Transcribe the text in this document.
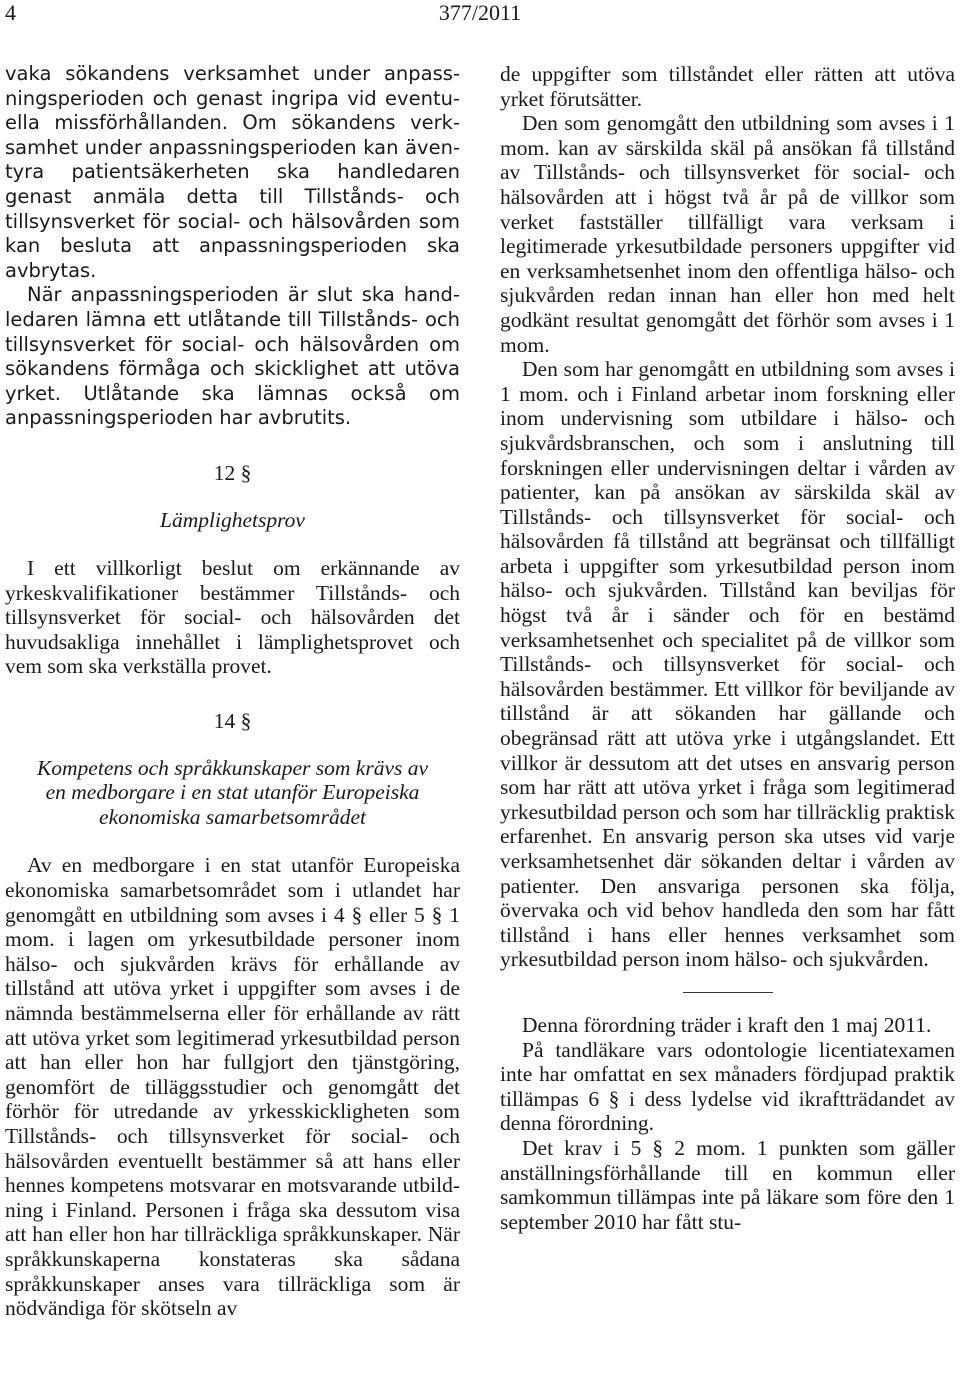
4	377/2011

vaka sökandens verksamhet under anpassningsperioden och genast ingripa vid eventuella missförhållanden. Om sökandens verksamhet under anpassningsperioden kan äventyra patientsäkerheten ska handledaren genast anmäla detta till Tillstånds- och tillsynsverket för social- och hälsovården som kan besluta att anpassningsperioden ska avbrytas.

När anpassningsperioden är slut ska handledaren lämna ett utlåtande till Tillstånds- och tillsynsverket för social- och hälsovården om sökandens förmåga och skicklighet att utöva yrket. Utlåtande ska lämnas också om anpassningsperioden har avbrutits.

12 §

Lämplighetsprov

I ett villkorligt beslut om erkännande av yrkeskvalifikationer bestämmer Tillstånds- och tillsynsverket för social- och hälsovården det huvudsakliga innehållet i lämplighetsprovet och vem som ska verkställa provet.

14 §

Kompetens och språkkunskaper som krävs av
en medborgare i en stat utanför Europeiska
ekonomiska samarbetsområdet

Av en medborgare i en stat utanför Europeiska ekonomiska samarbetsområdet som i utlandet har genomgått en utbildning som avses i 4 § eller 5 § 1 mom. i lagen om yrkesutbildade personer inom hälso- och sjukvården krävs för erhållande av tillstånd att utöva yrket i uppgifter som avses i de nämnda bestämmelserna eller för erhållande av rätt att utöva yrket som legitimerad yrkesutbildad person att han eller hon har fullgjort den tjänstgöring, genomfört de tilläggsstudier och genomgått det förhör för utredande av yrkesskickligheten som Tillstånds- och tillsynsverket för social- och hälsovården eventuellt bestämmer så att hans eller hennes kompetens motsvarar en motsvarande utbildning i Finland. Personen i fråga ska dessutom visa att han eller hon har tillräckliga språkkunskaper. När språkkunskaperna konstateras ska sådana språkkunskaper anses vara tillräckliga som är nödvändiga för skötseln av

de uppgifter som tillståndet eller rätten att utöva yrket förutsätter.

Den som genomgått den utbildning som avses i 1 mom. kan av särskilda skäl på ansökan få tillstånd av Tillstånds- och tillsynsverket för social- och hälsovården att i högst två år på de villkor som verket fastställer tillfälligt vara verksam i legitimerade yrkesutbildade personers uppgifter vid en verksamhetsenhet inom den offentliga hälso- och sjukvården redan innan han eller hon med helt godkänt resultat genomgått det förhör som avses i 1 mom.

Den som har genomgått en utbildning som avses i 1 mom. och i Finland arbetar inom forskning eller inom undervisning som utbildare i hälso- och sjukvårdsbranschen, och som i anslutning till forskningen eller undervisningen deltar i vården av patienter, kan på ansökan av särskilda skäl av Tillstånds- och tillsynsverket för social- och hälsovården få tillstånd att begränsat och tillfälligt arbeta i uppgifter som yrkesutbildad person inom hälso- och sjukvården. Tillstånd kan beviljas för högst två år i sänder och för en bestämd verksamhetsenhet och specialitet på de villkor som Tillstånds- och tillsynsverket för social- och hälsovården bestämmer. Ett villkor för beviljande av tillstånd är att sökanden har gällande och obegränsad rätt att utöva yrke i utgångslandet. Ett villkor är dessutom att det utses en ansvarig person som har rätt att utöva yrket i fråga som legitimerad yrkesutbildad person och som har tillräcklig praktisk erfarenhet. En ansvarig person ska utses vid varje verksamhetsenhet där sökanden deltar i vården av patienter. Den ansvariga personen ska följa, övervaka och vid behov handleda den som har fått tillstånd i hans eller hennes verksamhet som yrkesutbildad person inom hälso- och sjukvården.

Denna förordning träder i kraft den 1 maj 2011.

På tandläkare vars odontologie licentiatexamen inte har omfattat en sex månaders fördjupad praktik tillämpas 6 § i dess lydelse vid ikraftträdandet av denna förordning.

Det krav i 5 § 2 mom. 1 punkten som gäller anställningsförhållande till en kommun eller samkommun tillämpas inte på läkare som före den 1 september 2010 har fått stu-
